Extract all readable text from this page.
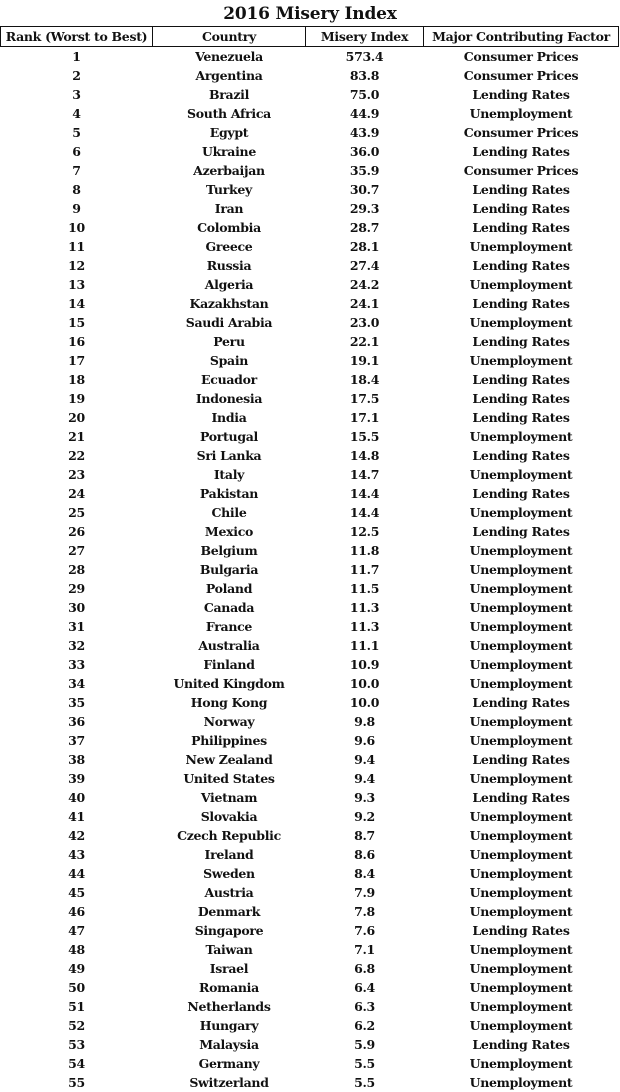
2016 Misery Index
Rank (Worst to Best)	Country	Misery Index	Major Contributing Factor
1	Venezuela	573.4	Consumer Prices
2	Argentina	83.8	Consumer Prices
3	Brazil	75.0	Lending Rates
4	South Africa	44.9	Unemployment
5	Egypt	43.9	Consumer Prices
6	Ukraine	36.0	Lending Rates
7	Azerbaijan	35.9	Consumer Prices
8	Turkey	30.7	Lending Rates
9	Iran	29.3	Lending Rates
10	Colombia	28.7	Lending Rates
11	Greece	28.1	Unemployment
12	Russia	27.4	Lending Rates
13	Algeria	24.2	Unemployment
14	Kazakhstan	24.1	Lending Rates
15	Saudi Arabia	23.0	Unemployment
16	Peru	22.1	Lending Rates
17	Spain	19.1	Unemployment
18	Ecuador	18.4	Lending Rates
19	Indonesia	17.5	Lending Rates
20	India	17.1	Lending Rates
21	Portugal	15.5	Unemployment
22	Sri Lanka	14.8	Lending Rates
23	Italy	14.7	Unemployment
24	Pakistan	14.4	Lending Rates
25	Chile	14.4	Unemployment
26	Mexico	12.5	Lending Rates
27	Belgium	11.8	Unemployment
28	Bulgaria	11.7	Unemployment
29	Poland	11.5	Unemployment
30	Canada	11.3	Unemployment
31	France	11.3	Unemployment
32	Australia	11.1	Unemployment
33	Finland	10.9	Unemployment
34	United Kingdom	10.0	Unemployment
35	Hong Kong	10.0	Lending Rates
36	Norway	9.8	Unemployment
37	Philippines	9.6	Unemployment
38	New Zealand	9.4	Lending Rates
39	United States	9.4	Unemployment
40	Vietnam	9.3	Lending Rates
41	Slovakia	9.2	Unemployment
42	Czech Republic	8.7	Unemployment
43	Ireland	8.6	Unemployment
44	Sweden	8.4	Unemployment
45	Austria	7.9	Unemployment
46	Denmark	7.8	Unemployment
47	Singapore	7.6	Lending Rates
48	Taiwan	7.1	Unemployment
49	Israel	6.8	Unemployment
50	Romania	6.4	Unemployment
51	Netherlands	6.3	Unemployment
52	Hungary	6.2	Unemployment
53	Malaysia	5.9	Lending Rates
54	Germany	5.5	Unemployment
55	Switzerland	5.5	Unemployment
